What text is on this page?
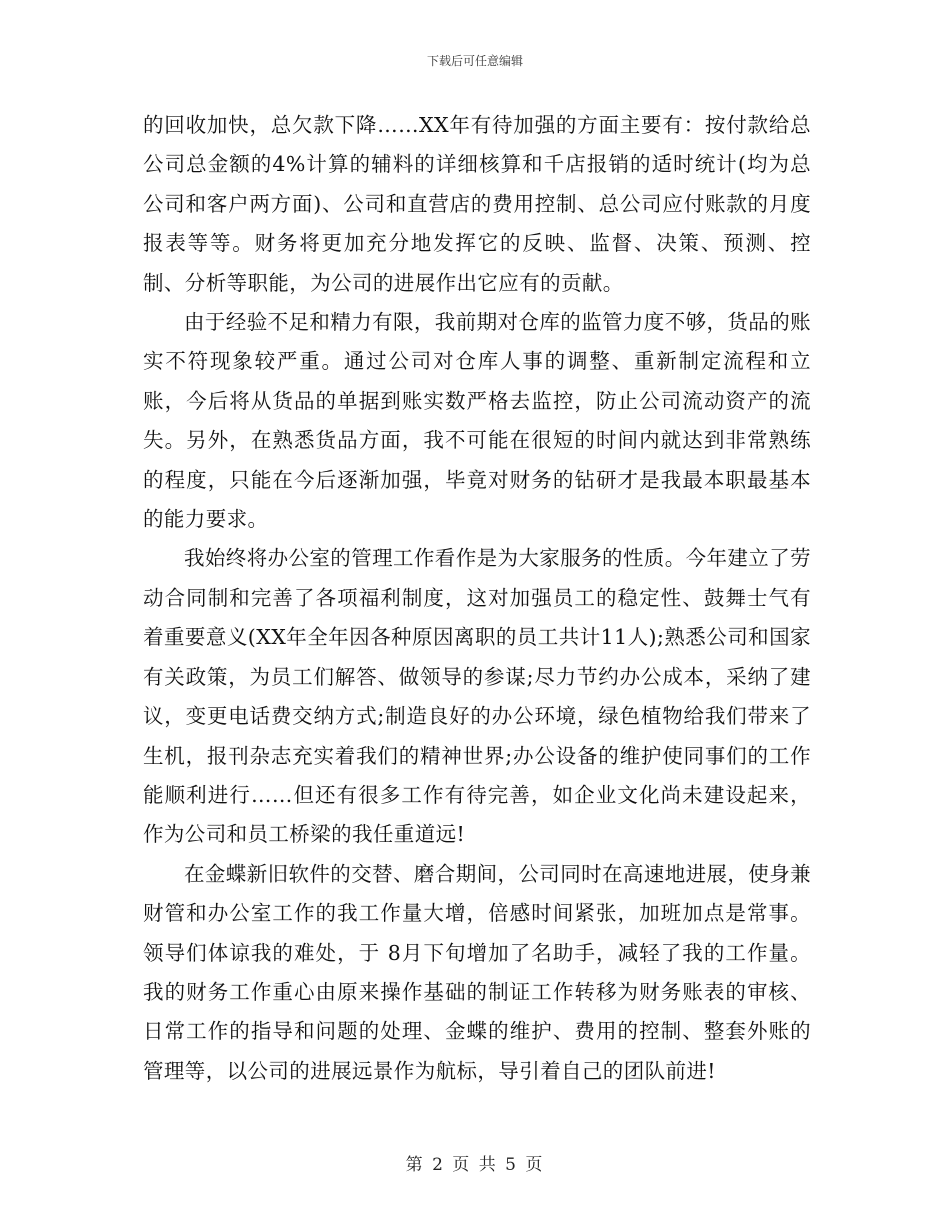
下载后可任意编辑

的回收加快，总欠款下降……XX年有待加强的方面主要有：按付款给总公司总金额的4%计算的辅料的详细核算和千店报销的适时统计(均为总公司和客户两方面)、公司和直营店的费用控制、总公司应付账款的月度报表等等。财务将更加充分地发挥它的反映、监督、决策、预测、控制、分析等职能，为公司的进展作出它应有的贡献。

由于经验不足和精力有限，我前期对仓库的监管力度不够，货品的账实不符现象较严重。通过公司对仓库人事的调整、重新制定流程和立账，今后将从货品的单据到账实数严格去监控，防止公司流动资产的流失。另外，在熟悉货品方面，我不可能在很短的时间内就达到非常熟练的程度，只能在今后逐渐加强，毕竟对财务的钻研才是我最本职最基本的能力要求。

我始终将办公室的管理工作看作是为大家服务的性质。今年建立了劳动合同制和完善了各项福利制度，这对加强员工的稳定性、鼓舞士气有着重要意义(XX年全年因各种原因离职的员工共计11人);熟悉公司和国家有关政策，为员工们解答、做领导的参谋;尽力节约办公成本，采纳了建议，变更电话费交纳方式;制造良好的办公环境，绿色植物给我们带来了生机，报刊杂志充实着我们的精神世界;办公设备的维护使同事们的工作能顺利进行……但还有很多工作有待完善，如企业文化尚未建设起来，作为公司和员工桥梁的我任重道远!

在金蝶新旧软件的交替、磨合期间，公司同时在高速地进展，使身兼财管和办公室工作的我工作量大增，倍感时间紧张，加班加点是常事。领导们体谅我的难处，于 8月下旬增加了名助手，减轻了我的工作量。我的财务工作重心由原来操作基础的制证工作转移为财务账表的审核、日常工作的指导和问题的处理、金蝶的维护、费用的控制、整套外账的管理等，以公司的进展远景作为航标，导引着自己的团队前进!

第 2 页 共 5 页
